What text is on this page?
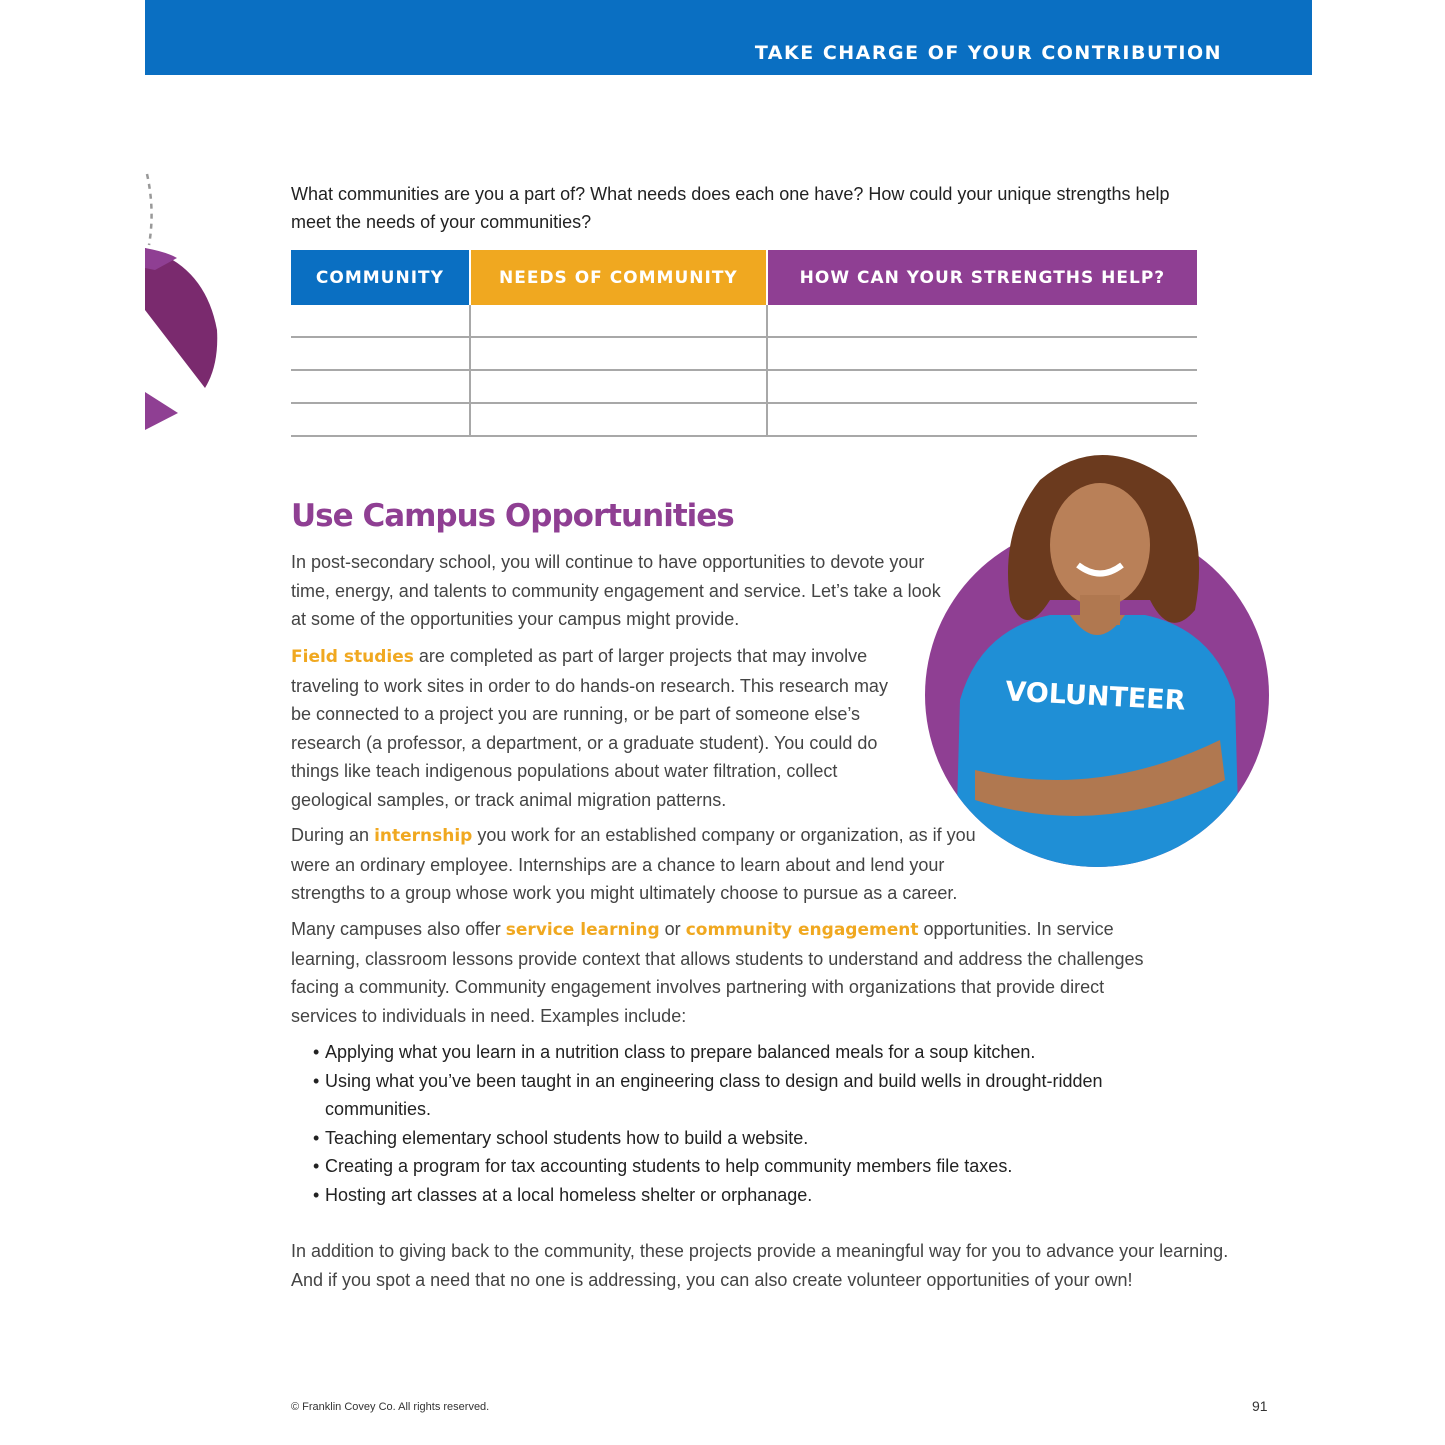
TAKE CHARGE OF YOUR CONTRIBUTION
What communities are you a part of? What needs does each one have? How could your unique strengths help meet the needs of your communities?
COMMUNITY	NEEDS OF COMMUNITY	HOW CAN YOUR STRENGTHS HELP?

Use Campus Opportunities
In post-secondary school, you will continue to have opportunities to devote your time, energy, and talents to community engagement and service. Let’s take a look at some of the opportunities your campus might provide.
Field studies are completed as part of larger projects that may involve traveling to work sites in order to do hands-on research. This research may be connected to a project you are running, or be part of someone else’s research (a professor, a department, or a graduate student). You could do things like teach indigenous populations about water filtration, collect geological samples, or track animal migration patterns.
During an internship you work for an established company or organization, as if you were an ordinary employee. Internships are a chance to learn about and lend your strengths to a group whose work you might ultimately choose to pursue as a career.
Many campuses also offer service learning or community engagement opportunities. In service learning, classroom lessons provide context that allows students to understand and address the challenges facing a community. Community engagement involves partnering with organizations that provide direct services to individuals in need. Examples include:
VOLUNTEER
• Applying what you learn in a nutrition class to prepare balanced meals for a soup kitchen.
• Using what you’ve been taught in an engineering class to design and build wells in drought-ridden communities.
• Teaching elementary school students how to build a website.
• Creating a program for tax accounting students to help community members file taxes.
• Hosting art classes at a local homeless shelter or orphanage.
In addition to giving back to the community, these projects provide a meaningful way for you to advance your learning. And if you spot a need that no one is addressing, you can also create volunteer opportunities of your own!
© Franklin Covey Co. All rights reserved.	91
